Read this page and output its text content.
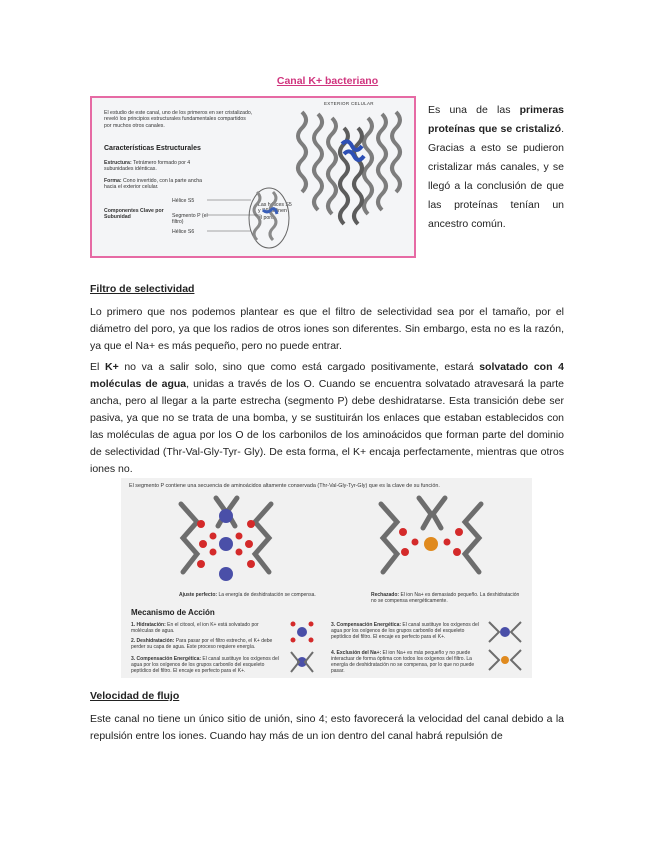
Canal K+ bacteriano
El estudio de este canal, uno de los primeros en ser cristalizado, reveló los principios estructurales fundamentales compartidos por muchos otros canales.
Características Estructurales
Estructura: Tetrámero formado por 4 subunidades idénticas.
Forma: Cono invertido, con la parte ancha hacia el exterior celular.
Componentes Clave por Subunidad
Hélice S5
Segmento P (el filtro)
Hélice S6
Las hélices S5 y S6 definen el poro.
EXTERIOR CELULAR
Es una de las primeras proteínas que se cristalizó. Gracias a esto se pudieron cristalizar más canales, y se llegó a la conclusión de que las proteínas tenían un ancestro común.
Filtro de selectividad
Lo primero que nos podemos plantear es que el filtro de selectividad sea por el tamaño, por el diámetro del poro, ya que los radios de otros iones son diferentes. Sin embargo, esta no es la razón, ya que el Na+ es más pequeño, pero no puede entrar.
El K+ no va a salir solo, sino que como está cargado positivamente, estará solvatado con 4 moléculas de agua, unidas a través de los O. Cuando se encuentra solvatado atravesará la parte ancha, pero al llegar a la parte estrecha (segmento P) debe deshidratarse. Esta transición debe ser pasiva, ya que no se trata de una bomba, y se sustituirán los enlaces que estaban establecidos con las moléculas de agua por los O de los carbonilos de los aminoácidos que forman parte del dominio de selectividad (Thr-Val-Gly-Tyr- Gly). De esta forma, el K+ encaja perfectamente, mientras que otros iones no.
El segmento P contiene una secuencia de aminoácidos altamente conservada (Thr-Val-Gly-Tyr-Gly) que es la clave de su función.
Ajuste perfecto: La energía de deshidratación se compensa.	Rechazado: El ion Na+ es demasiado pequeño. La deshidratación no se compensa energéticamente.
Mecanismo de Acción
1. Hidratación: En el citosol, el ion K+ está solvatado por moléculas de agua.
2. Deshidratación: Para pasar por el filtro estrecho, el K+ debe perder su capa de agua. Este proceso requiere energía.
3. Compensación Energética: El canal sustituye los oxígenos del agua por los oxígenos de los grupos carbonilo del esqueleto peptídico del filtro. El encaje es perfecto para el K+.
3. Compensación Energética: El canal sustituye los oxígenos del agua por los oxígenos de los grupos carbonilo del esqueleto peptídico del filtro. El encaje es perfecto para el K+.
4. Exclusión del Na+: El ion Na+ es más pequeño y no puede interactuar de forma óptima con todos los oxígenos del filtro. La energía de deshidratación no se compensa, por lo que no puede pasar.
Velocidad de flujo
Este canal no tiene un único sitio de unión, sino 4; esto favorecerá la velocidad del canal debido a la repulsión entre los iones. Cuando hay más de un ion dentro del canal habrá repulsión de
